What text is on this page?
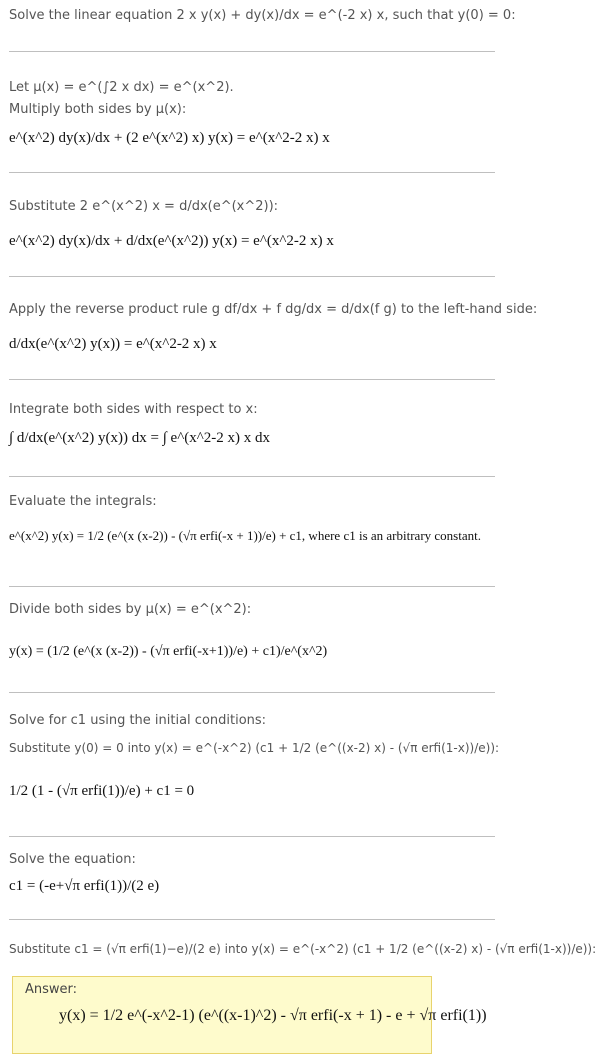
Solve the linear equation 2 x y(x) + dy(x)/dx = e^(-2 x) x, such that y(0) = 0:
Let μ(x) = e^(∫2 x dx) = e^(x^2).
Multiply both sides by μ(x):
e^(x^2) dy(x)/dx + (2 e^(x^2) x) y(x) = e^(x^2-2 x) x
Substitute 2 e^(x^2) x = d/dx(e^(x^2)):
e^(x^2) dy(x)/dx + d/dx(e^(x^2)) y(x) = e^(x^2-2 x) x
Apply the reverse product rule g df/dx + f dg/dx = d/dx(f g) to the left-hand side:
d/dx(e^(x^2) y(x)) = e^(x^2-2 x) x
Integrate both sides with respect to x:
∫ d/dx(e^(x^2) y(x)) dx = ∫ e^(x^2-2 x) x dx
Evaluate the integrals:
e^(x^2) y(x) = 1/2 (e^(x (x-2)) - (√π erfi(-x + 1))/e) + c1, where c1 is an arbitrary constant.
Divide both sides by μ(x) = e^(x^2):
y(x) = (1/2 (e^(x (x-2)) - (√π erfi(-x+1))/e) + c1)/e^(x^2)
Solve for c1 using the initial conditions:
Substitute y(0) = 0 into y(x) = e^(-x^2) (c1 + 1/2 (e^((x-2) x) - (√π erfi(1-x))/e)):
1/2 (1 - (√π erfi(1))/e) + c1 = 0
Solve the equation:
c1 = (-e+√π erfi(1))/(2 e)
Substitute c1 = (√π erfi(1)−e)/(2 e) into y(x) = e^(-x^2) (c1 + 1/2 (e^((x-2) x) - (√π erfi(1-x))/e)):
Answer:
y(x) = 1/2 e^(-x^2-1) (e^((x-1)^2) - √π erfi(-x + 1) - e + √π erfi(1))
